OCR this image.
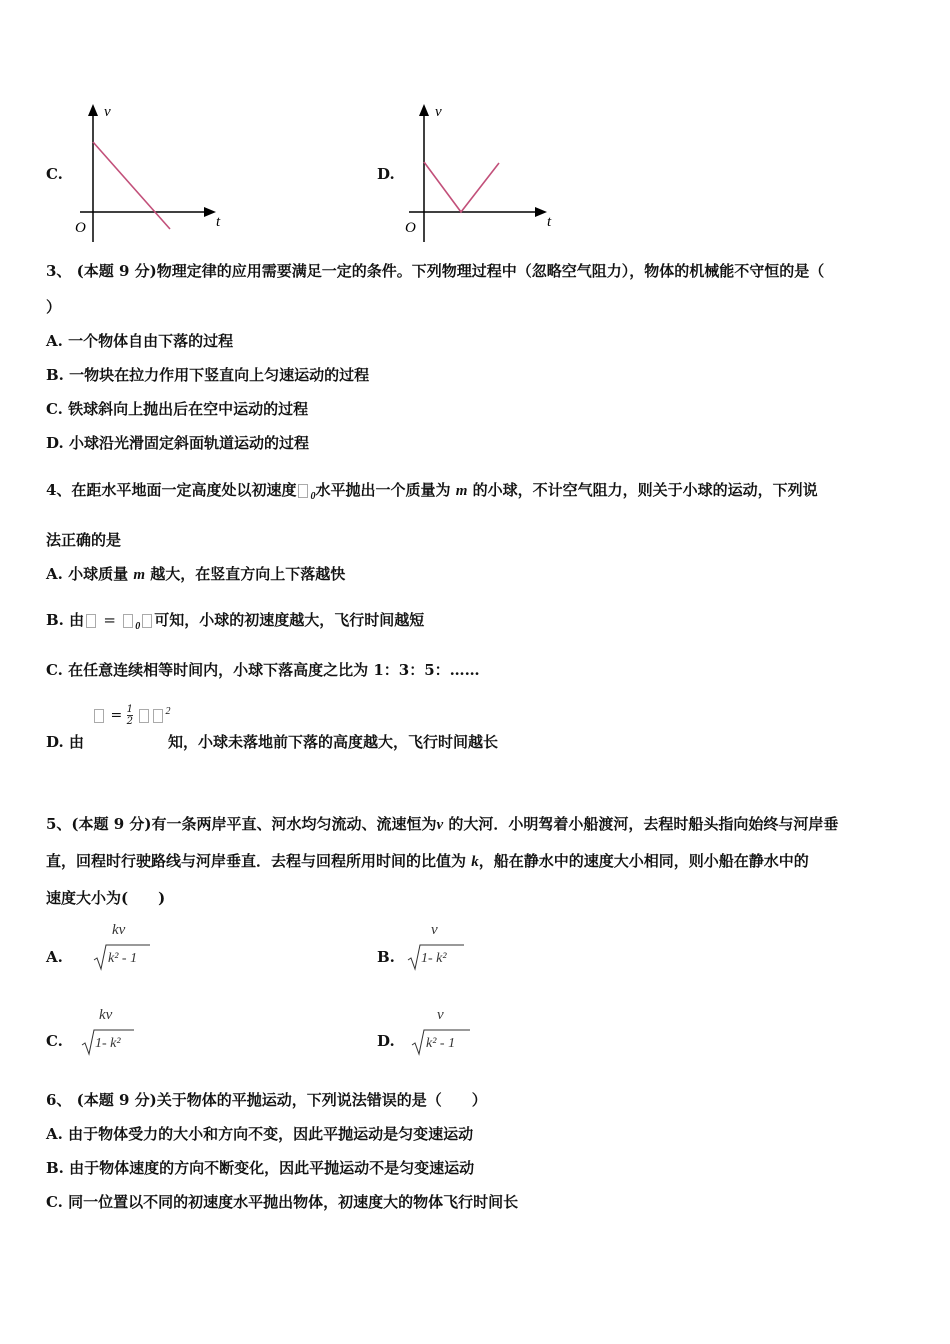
C.
v
t
O
D.
v
t
O
3、 (本题 9 分)物理定律的应用需要满足一定的条件。下列物理过程中（忽略空气阻力），物体的机械能不守恒的是（
）
A. 一个物体自由下落的过程
B. 一物块在拉力作用下竖直向上匀速运动的过程
C. 铁球斜向上抛出后在空中运动的过程
D. 小球沿光滑固定斜面轨道运动的过程
4、在距水平地面一定高度处以初速度 $_0$水平抛出一个质量为 m 的小球，不计空气阻力，则关于小球的运动，下列说
法正确的是
A. 小球质量 m 越大，在竖直方向上下落越快
B. 由 = $_0$ 可知，小球的初速度越大，飞行时间越短
C. 在任意连续相等时间内，小球下落高度之比为 1：3：5：……
= $\frac{1}{2}$	$^2$
D. 由	知，小球未落地前下落的高度越大，飞行时间越长
5、(本题 9 分)有一条两岸平直、河水均匀流动、流速恒为v 的大河．小明驾着小船渡河，去程时船头指向始终与河岸垂
直，回程时行驶路线与河岸垂直．去程与回程所用时间的比值为 k，船在静水中的速度大小相同，则小船在静水中的
速度大小为(　　)
A.
kv
k² - 1	B.
v
1- k²
C.
kv
1- k²	D.
v
k² - 1
6、 (本题 9 分)关于物体的平抛运动，下列说法错误的是（　　）
A. 由于物体受力的大小和方向不变，因此平抛运动是匀变速运动
B. 由于物体速度的方向不断变化，因此平抛运动不是匀变速运动
C. 同一位置以不同的初速度水平抛出物体，初速度大的物体飞行时间长
